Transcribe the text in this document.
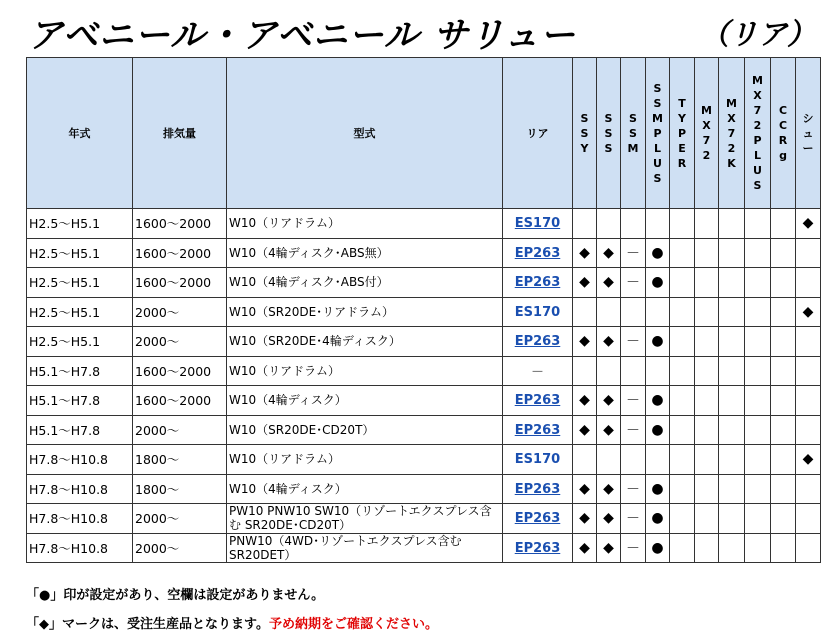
アベニール・アベニール サリュー	（リア）
年式	排気量	型式	リア	SSY	SSS	SSM	SSM PLUS	TYPE R	MX72	MX72K	MX72PLUS	CCRg	シュー
H2.5～H5.1	1600～2000	W10（リアドラム）	ES170										◆
H2.5～H5.1	1600～2000	W10（4輪ディスク･ABS無）	EP263	◆	◆	－	●						
H2.5～H5.1	1600～2000	W10（4輪ディスク･ABS付）	EP263	◆	◆	－	●						
H2.5～H5.1	2000～	W10（SR20DE･リアドラム）	ES170										◆
H2.5～H5.1	2000～	W10（SR20DE･4輪ディスク）	EP263	◆	◆	－	●						
H5.1～H7.8	1600～2000	W10（リアドラム）	－										
H5.1～H7.8	1600～2000	W10（4輪ディスク）	EP263	◆	◆	－	●						
H5.1～H7.8	2000～	W10（SR20DE･CD20T）	EP263	◆	◆	－	●						
H7.8～H10.8	1800～	W10（リアドラム）	ES170										◆
H7.8～H10.8	1800～	W10（4輪ディスク）	EP263	◆	◆	－	●						
H7.8～H10.8	2000～	PW10 PNW10 SW10（リゾートエクスプレス含む SR20DE･CD20T）	EP263	◆	◆	－	●						
H7.8～H10.8	2000～	PNW10（4WD･リゾートエクスプレス含む SR20DET）	EP263	◆	◆	－	●						
「●」印が設定があり、空欄は設定がありません。
「◆」マークは、受注生産品となります。予め納期をご確認ください。
